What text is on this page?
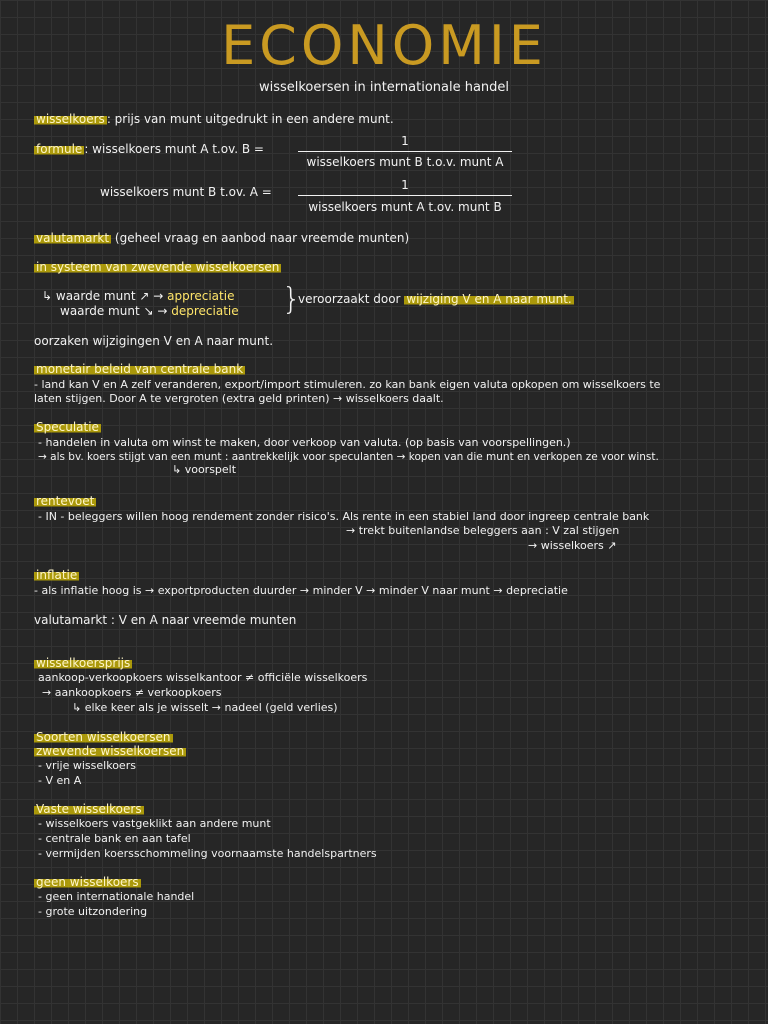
ECONOMIE
wisselkoersen in internationale handel
wisselkoers : prijs van munt uitgedrukt in een andere munt.
formule : wisselkoers munt A t.ov. B =
1
wisselkoers munt B t.o.v. munt A
wisselkoers munt B t.ov. A =	1
wisselkoers munt A t.ov. munt B
valutamarkt (geheel vraag en aanbod naar vreemde munten)
in systeem van zwevende wisselkoersen
↳ waarde munt ↗ → appreciatie
waarde munt ↘ → depreciatie }
veroorzaakt door wijziging V en A naar munt.
oorzaken wijzigingen V en A naar munt.
monetair beleid van centrale bank
- land kan V en A zelf veranderen, export/import stimuleren. zo kan bank eigen valuta opkopen om wisselkoers te
laten stijgen. Door A te vergroten (extra geld printen) → wisselkoers daalt.
Speculatie
- handelen in valuta om winst te maken, door verkoop van valuta. (op basis van voorspellingen.)
→ als bv. koers stijgt van een munt : aantrekkelijk voor speculanten → kopen van die munt en verkopen ze voor winst.
↳ voorspelt
rentevoet
- IN - beleggers willen hoog rendement zonder risico's. Als rente in een stabiel land door ingreep centrale bank
→ trekt buitenlandse beleggers aan : V zal stijgen
→ wisselkoers ↗
inflatie
- als inflatie hoog is → exportproducten duurder → minder V → minder V naar munt → depreciatie
valutamarkt : V en A naar vreemde munten
wisselkoersprijs
aankoop-verkoopkoers wisselkantoor ≠ officiële wisselkoers
→ aankoopkoers ≠ verkoopkoers
↳ elke keer als je wisselt → nadeel (geld verlies)
Soorten wisselkoersen
zwevende wisselkoersen
- vrije wisselkoers
- V en A
Vaste wisselkoers
- wisselkoers vastgeklikt aan andere munt
- centrale bank en aan tafel
- vermijden koersschommeling voornaamste handelspartners
geen wisselkoers
- geen internationale handel
- grote uitzondering
